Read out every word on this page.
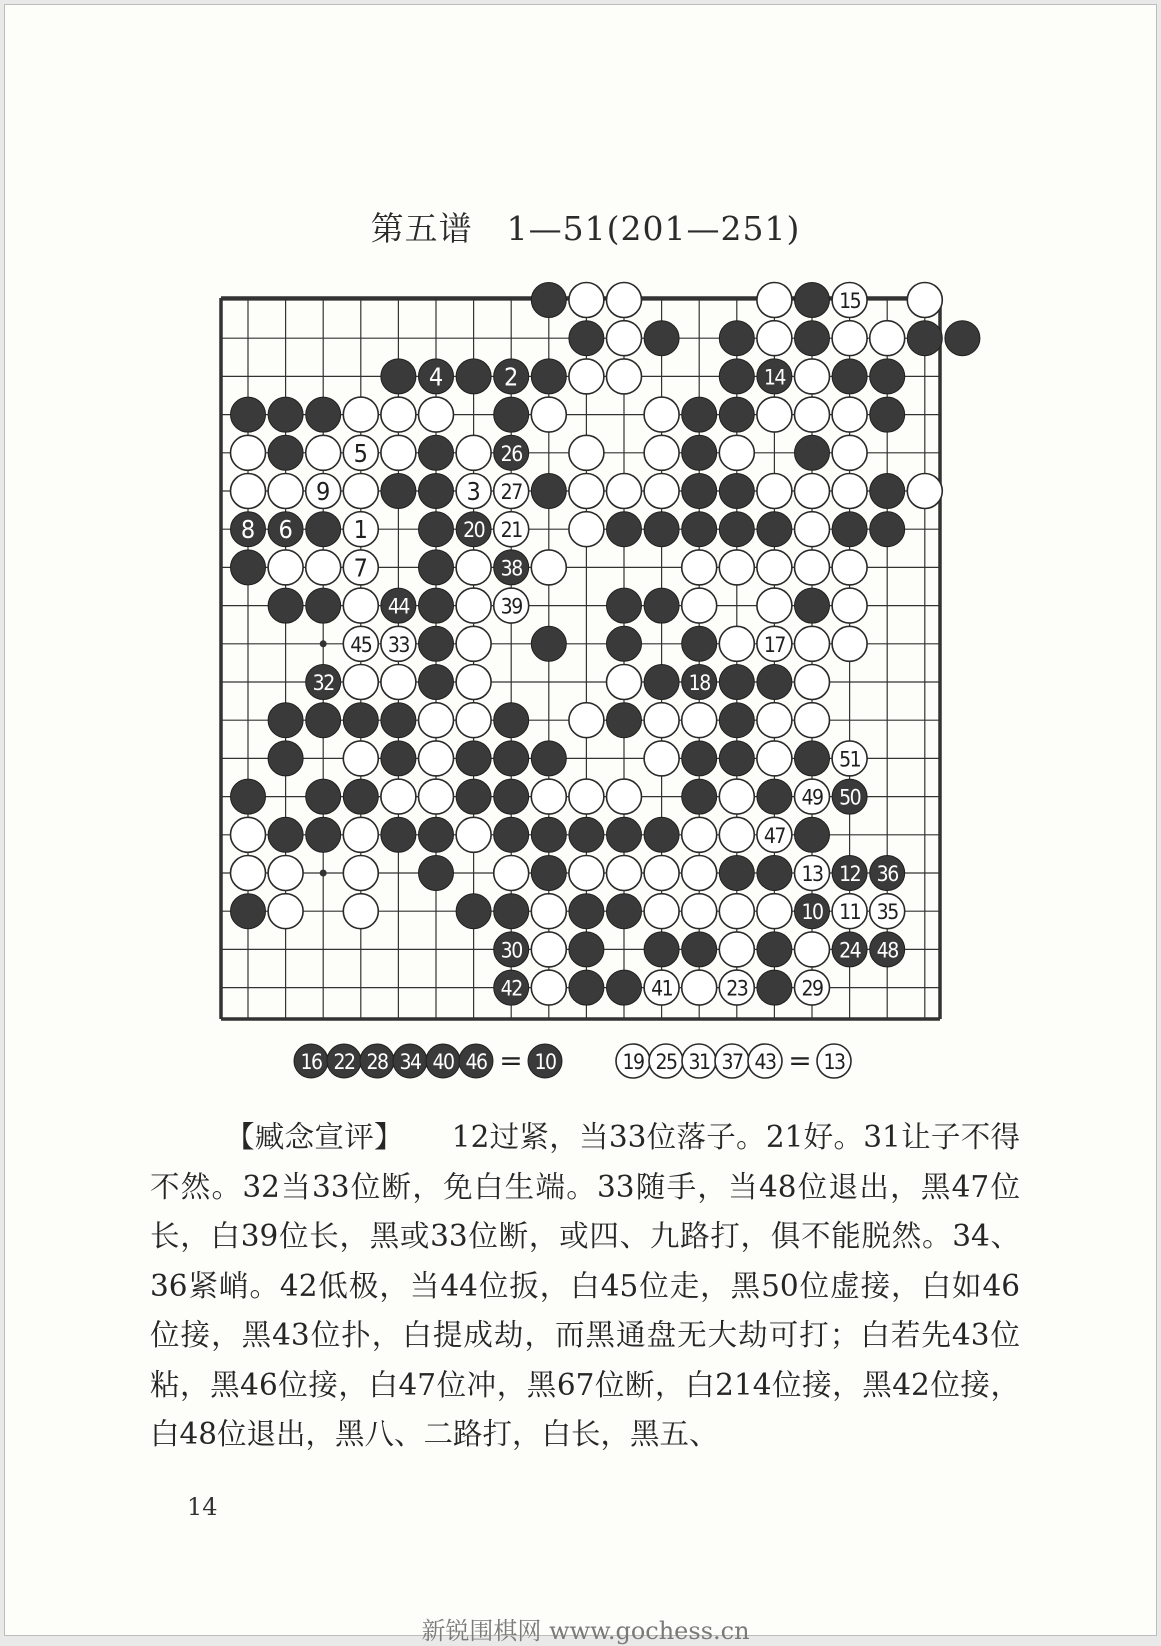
第五谱　1—51(201—251)
15
4 2	14
5	26
9	3 27
8 6 1	20 21
7	38
44	39
45 33	17
32	18
51
49 50
47
13 12 36
10 11 35
30	24 48
42	41	23	29
16 22 28 34 40 46 = 10	19 25 31 37 43 = 13
【臧念宣评】 12过紧，当33位落子。21好。31让子不得不然。32当33位断，免白生端。33随手，当48位退出，黑47位长，白39位长，黑或33位断，或四、九路打，俱不能脱然。34、36紧峭。42低极，当44位扳，白45位走，黑50位虚接，白如46位接，黑43位扑，白提成劫，而黑通盘无大劫可打；白若先43位粘，黑46位接，白47位冲，黑67位断，白214位接，黑42位接，白48位退出，黑八、二路打，白长，黑五、
14
新锐围棋网 www.gochess.cn
